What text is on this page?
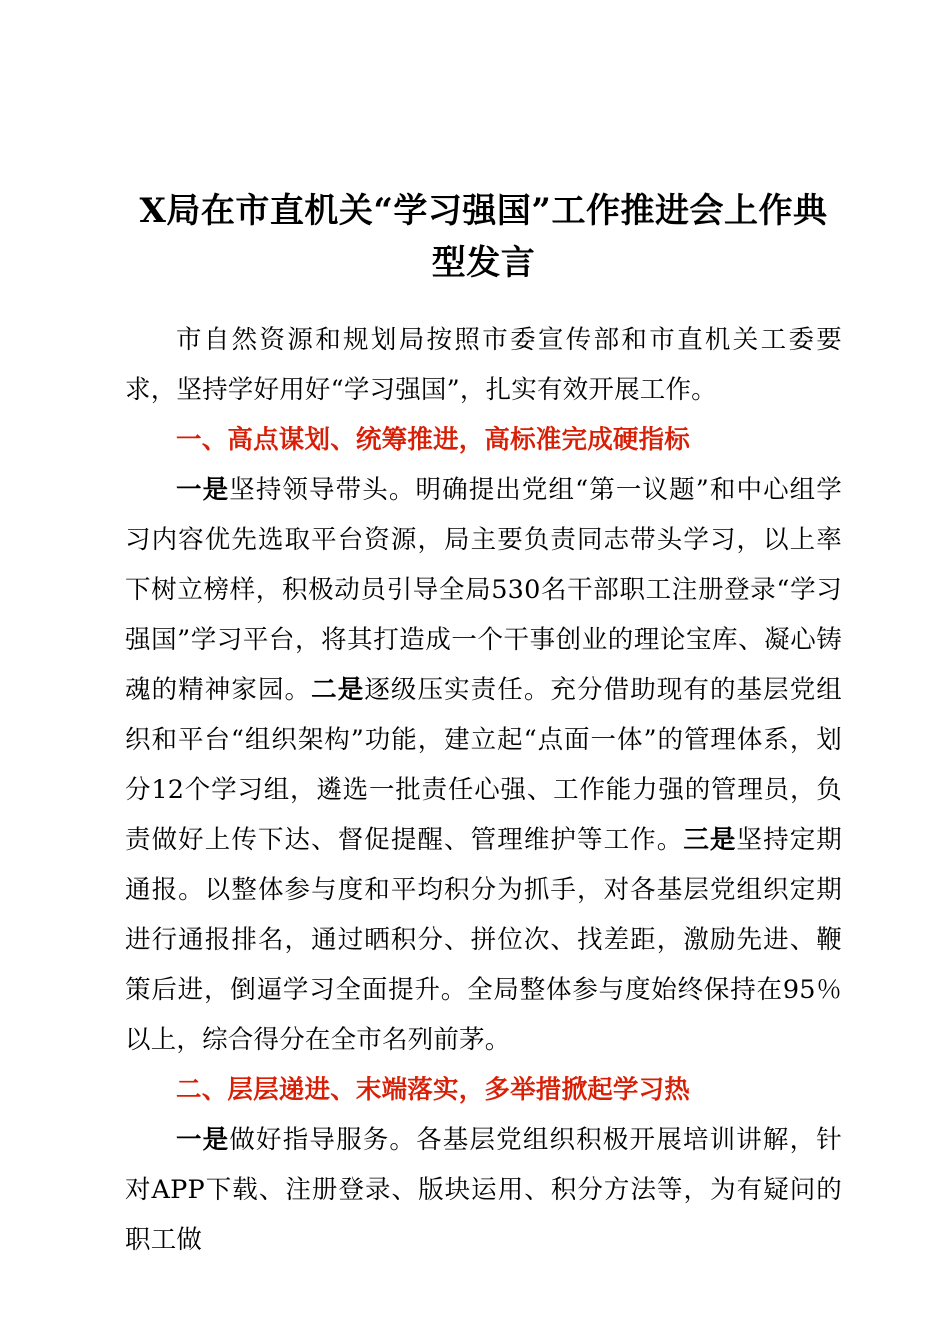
X局在市直机关“学习强国”工作推进会上作典型发言

市自然资源和规划局按照市委宣传部和市直机关工委要求，坚持学好用好“学习强国”，扎实有效开展工作。

一、高点谋划、统筹推进，高标准完成硬指标

一是坚持领导带头。明确提出党组“第一议题”和中心组学习内容优先选取平台资源，局主要负责同志带头学习，以上率下树立榜样，积极动员引导全局530名干部职工注册登录“学习强国”学习平台，将其打造成一个干事创业的理论宝库、凝心铸魂的精神家园。二是逐级压实责任。充分借助现有的基层党组织和平台“组织架构”功能，建立起“点面一体”的管理体系，划分12个学习组，遴选一批责任心强、工作能力强的管理员，负责做好上传下达、督促提醒、管理维护等工作。三是坚持定期通报。以整体参与度和平均积分为抓手，对各基层党组织定期进行通报排名，通过晒积分、拼位次、找差距，激励先进、鞭策后进，倒逼学习全面提升。全局整体参与度始终保持在95％以上，综合得分在全市名列前茅。

二、层层递进、末端落实，多举措掀起学习热

一是做好指导服务。各基层党组织积极开展培训讲解，针对APP下载、注册登录、版块运用、积分方法等，为有疑问的职工做
